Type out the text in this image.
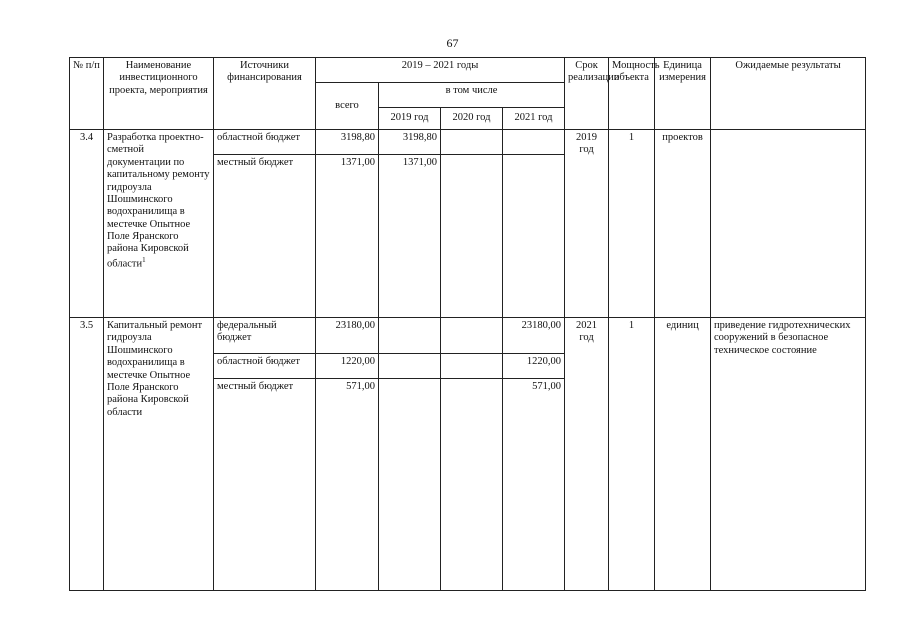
67
№ п/п	Наименование инвестиционного проекта, мероприятия	Источники финансирования	2019 – 2021 годы				Срок реализации	Мощность объекта	Единица измерения	Ожидаемые результаты
			всего	в том числе						
				2019 год	2020 год	2021 год				
3.4	Разработка проектно-сметной документации по капитальному ремонту гидроузла Шошминского водохранилища в местечке Опытное Поле Яранского района Кировской области$^1$	областной бюджет	3198,80	3198,80			2019 год	1	проектов	
		местный бюджет	1371,00	1371,00						
3.5	Капитальный ремонт гидроузла Шошминского водохранилища в местечке Опытное Поле Яранского района Кировской области	федеральный бюджет	23180,00			23180,00	2021 год	1	единиц	приведение гидротехнических сооружений в безопасное техническое состояние
		областной бюджет	1220,00			1220,00				
		местный бюджет	571,00			571,00				
